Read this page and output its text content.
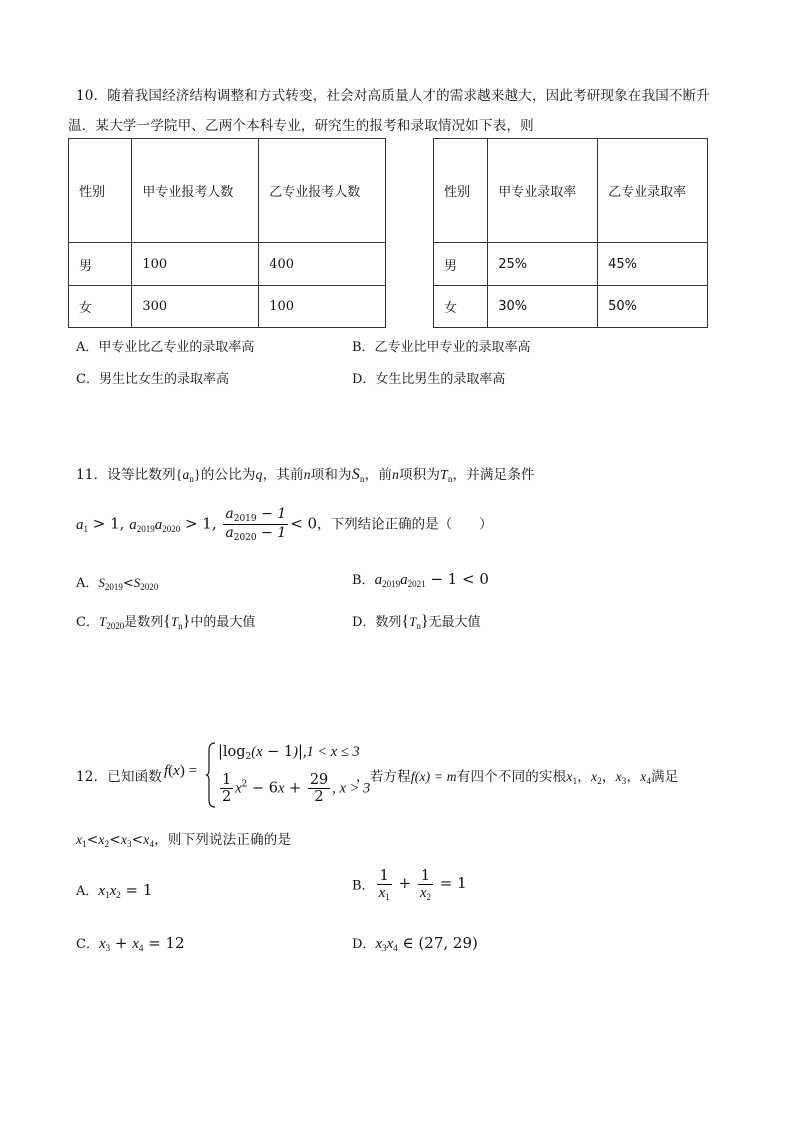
10．随着我国经济结构调整和方式转变，社会对高质量人才的需求越来越大，因此考研现象在我国不断升
温．某大学一学院甲、乙两个本科专业，研究生的报考和录取情况如下表，则
性别	甲专业报考人数	乙专业报考人数
男	100	400
女	300	100
性别	甲专业录取率	乙专业录取率
男	25%	45%
女	30%	50%
A．甲专业比乙专业的录取率高	B．乙专业比甲专业的录取率高
C．男生比女生的录取率高	D．女生比男生的录取率高
11．设等比数列$\{a_n\}$的公比为q，其前n项和为$S_n$，前n项积为$T_n$，并满足条件
$a_1 > 1$, $a_{2019}a_{2020} > 1$, $\frac{a_{2019} - 1}{a_{2020} - 1} < 0$，下列结论正确的是（　　）
A．$S_{2019}<S_{2020}$	B．$a_{2019}a_{2021} - 1 < 0$
C．$T_{2020}$是数列$\{T_n\}$中的最大值	D．数列$\{T_n\}$无最大值
12．已知函数 f(x) =
$|\log_2(x - 1)|,1 < x \le 3$
$\frac{1}{2} x^2 - 6x + \frac{29}{2}$ , x > 3
，若方程f(x) = m有四个不同的实根$x_1$，$x_2$，$x_3$，$x_4$满足
$x_1<x_2<x_3<x_4$，则下列说法正确的是
A．$x_1x_2 = 1$	B． $\frac{1}{x_1} + \frac{1}{x_2} = 1$
C．$x_3 + x_4 = 12$	D．$x_3x_4$ ∈ (27, 29)
